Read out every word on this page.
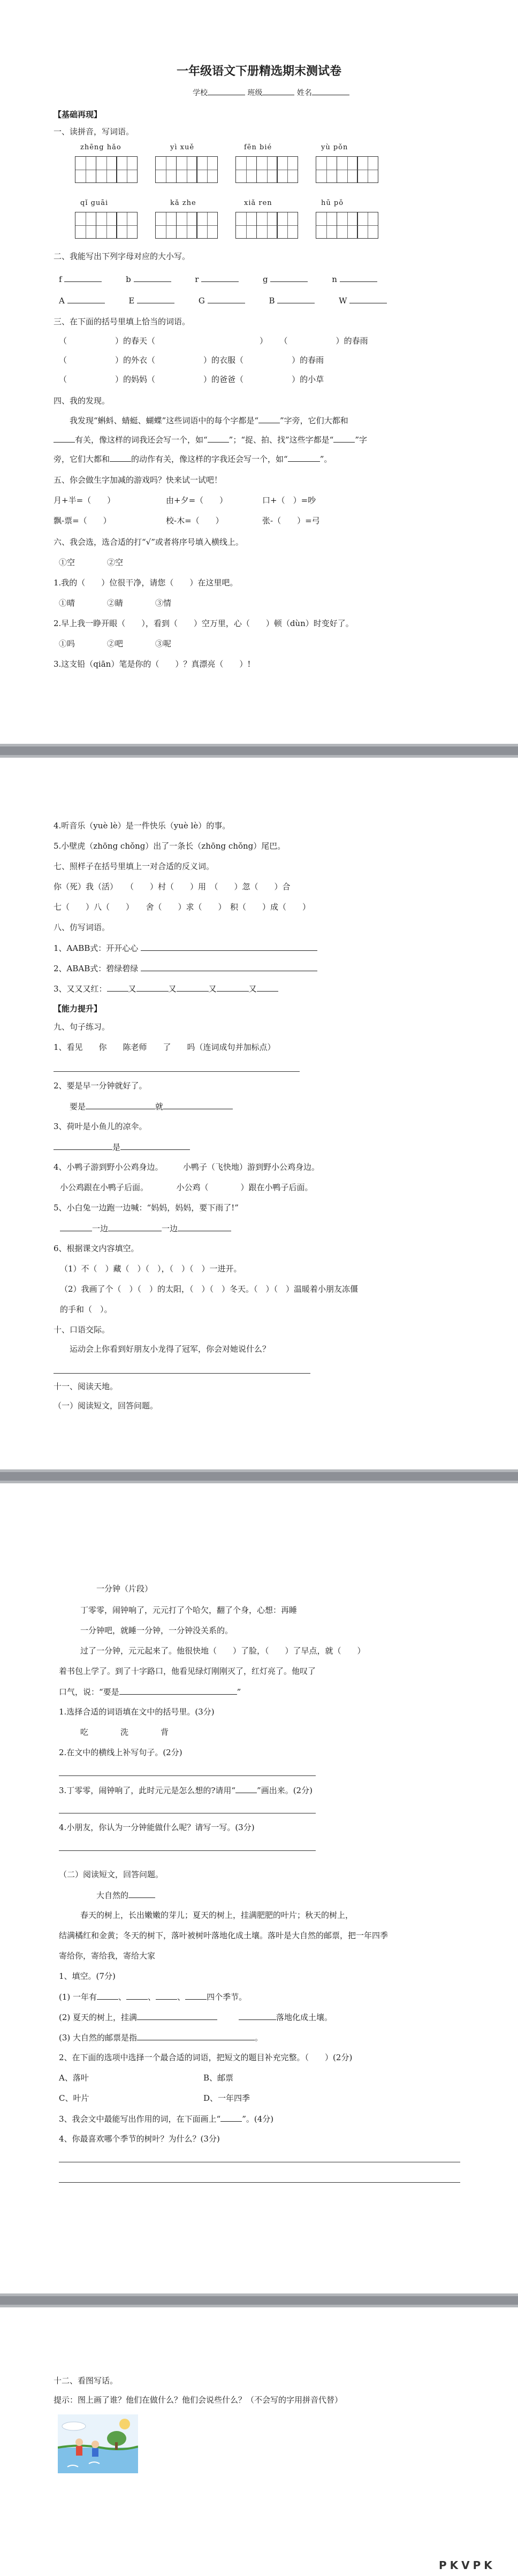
一年级语文下册精选期末测试卷
学校	班级	姓名
【基础再现】
一、读拼音，写词语。
zhēng hǎo	yì xuě	fēn bié	yù pǒn
qǐ guāi	kǎ zhe	xiǎ ren	hū pǒ
二、我能写出下列字母对应的大小写。
f	b	r	g	n
A	E	G	B	W
三、在下面的括号里填上恰当的词语。
（　　　　　　）的春天（　　　　　　　　　　　　　） （　　　　　　）的春雨
（　　　　　　）的外衣（　　　　　　）的衣服（　　　　　　）的春雨
（　　　　　　）的妈妈（　　　　　　）的爸爸（　　　　　　）的小草
四、我的发现。
我发现“蝌蚪、蜻蜓、蝴蝶”这些词语中的每个字都是“	”字旁，它们大都和
有关，像这样的词我还会写一个，如“	”；“捉、拍、找”这些字都是“	”字
旁，它们大都和	的动作有关，像这样的字我还会写一个，如“	”。
五、你会做生字加减的游戏吗？快来试一试吧！
月+半=（　　）	由+夕=（　　）	口+（　）=吵
飘-票=（　　）	校-木=（　　）	张-（　　）=弓
六、我会选，选合适的打“√”或者将序号填入横线上。
①空	②空
1.我的（　　）位很干净，请您（　　）在这里吧。
①晴	②睛	③情
2.早上我一睁开眼（　　），看到（　　）空万里，心（　　）顿（dùn）时变好了。
①吗	②吧	③呢
3.这支铅（qiān）笔是你的（　　）？真漂亮（　　）!
4.听音乐（yuè lè）是一件快乐（yuè lè）的事。
5.小壁虎（zhōng chǒng）出了一条长（zhōng chǒng）尾巴。
七、照样子在括号里填上一对合适的反义词。
你（死）我（活）　　（　　）村（　　）用　（　　）忽（　　）合
七（　　）八（　　）　　舍（　　）求（　　）　积（　　）成（　　）
八、仿写词语。
1、AABB式：开开心心
2、ABAB式：碧绿碧绿
3、又又又红：	又	又	又	又
【能力提升】
九、句子练习。
1、看见　　你　　陈老师　　了　　吗（连词成句并加标点）
2、要是早一分钟就好了。
要是	就
3、荷叶是小鱼儿的凉伞。
是
4、小鸭子游到野小公鸡身边。　　　小鸭子（飞快地）游到野小公鸡身边。
小公鸡跟在小鸭子后面。　　　　小公鸡（　　　　）跟在小鸭子后面。
5、小白兔一边跑一边喊：“妈妈，妈妈，要下雨了!”
一边	一边
6、根据课文内容填空。
（1）不（　）藏（　）（　），（　）（　）一进开。
（2）我画了个（　）（　）的太阳，（　）（　）冬天。（　）（　）温暖着小朋友冻僵
的手和（　）。
十、口语交际。
运动会上你看到好朋友小龙得了冠军，你会对她说什么？
十一、阅读天地。
（一）阅读短文，回答问题。
一分钟（片段）
丁零零，闹钟响了，元元打了个哈欠，翻了个身，心想：再睡
一分钟吧，就睡一分钟，一分钟没关系的。
过了一分钟，元元起来了。他很快地（　　）了脸，（　　）了早点，就（　　）
着书包上学了。到了十字路口，他看见绿灯刚刚灭了，红灯亮了。他叹了
口气，说：“要是	”
1.选择合适的词语填在文中的括号里。(3分)
吃　　　　洗　　　　背
2.在文中的横线上补写句子。(2分)
3.丁零零，闹钟响了，此时元元是怎么想的?请用“	”画出来。(2分)
4.小朋友，你认为一分钟能做什么呢？请写一写。(3分)
（二）阅读短文，回答问题。
大自然的
春天的树上，长出嫩嫩的芽儿；夏天的树上，挂满肥肥的叶片；秋天的树上，
结满橘红和金黄；冬天的树下，落叶被树叶落地化成土壤。落叶是大自然的邮票，把一年四季
寄给你，寄给我，寄给大家
1、填空。(7分)
(1) 一年有	、	、	、	四个季节。
(2) 夏天的树上，挂满	落地化成土壤。
(3) 大自然的邮票是指	。
2、在下面的选项中选择一个最合适的词语，把短文的题目补充完整。（　　）(2分)
A、落叶	B、邮票
C、叶片	D、一年四季
3、我会文中最能写出作用的词，在下面画上“	”。(4分)
4、你最喜欢哪个季节的树叶？为什么？(3分)
十二、看图写话。
提示：图上画了谁？他们在做什么？他们会说些什么？（不会写的字用拼音代替）
PKVPK
